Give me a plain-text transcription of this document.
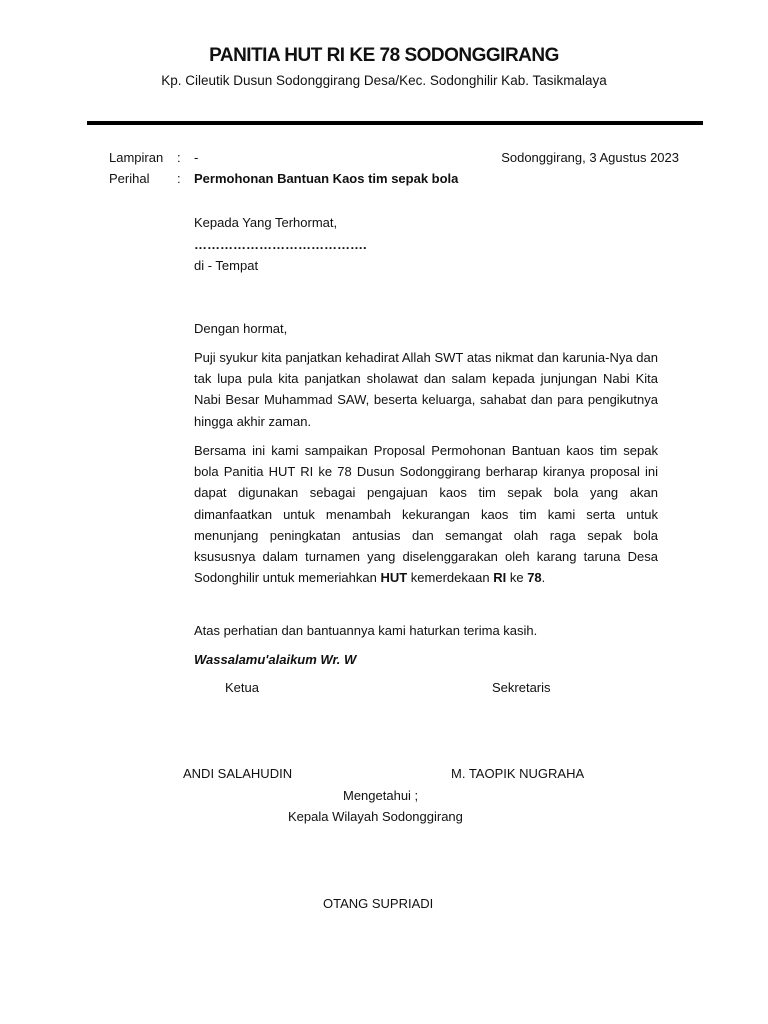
PANITIA HUT RI KE 78 SODONGGIRANG
Kp. Cileutik Dusun Sodonggirang Desa/Kec. Sodonghilir Kab. Tasikmalaya
Lampiran : -	Sodonggirang, 3 Agustus 2023
Perihal : Permohonan Bantuan Kaos tim sepak bola
Kepada Yang Terhormat,
………………………………….
di - Tempat
Dengan hormat,
Puji syukur kita panjatkan kehadirat Allah SWT atas nikmat dan karunia-Nya dan tak lupa pula kita panjatkan sholawat dan salam kepada junjungan Nabi Kita Nabi Besar Muhammad SAW, beserta keluarga, sahabat dan para pengikutnya hingga akhir zaman.
Bersama ini kami sampaikan Proposal Permohonan Bantuan kaos tim sepak bola Panitia HUT RI ke 78 Dusun Sodonggirang berharap kiranya proposal ini dapat digunakan sebagai pengajuan kaos tim sepak bola yang akan dimanfaatkan untuk menambah kekurangan kaos tim kami serta untuk menunjang peningkatan antusias dan semangat olah raga sepak bola ksususnya dalam turnamen yang diselenggarakan oleh karang taruna Desa Sodonghilir untuk memeriahkan HUT kemerdekaan RI ke 78.
Atas perhatian dan bantuannya kami haturkan terima kasih.
Wassalamu'alaikum Wr. W
Ketua	Sekretaris
ANDI SALAHUDIN	M. TAOPIK NUGRAHA
Mengetahui ;
Kepala Wilayah Sodonggirang
OTANG SUPRIADI
